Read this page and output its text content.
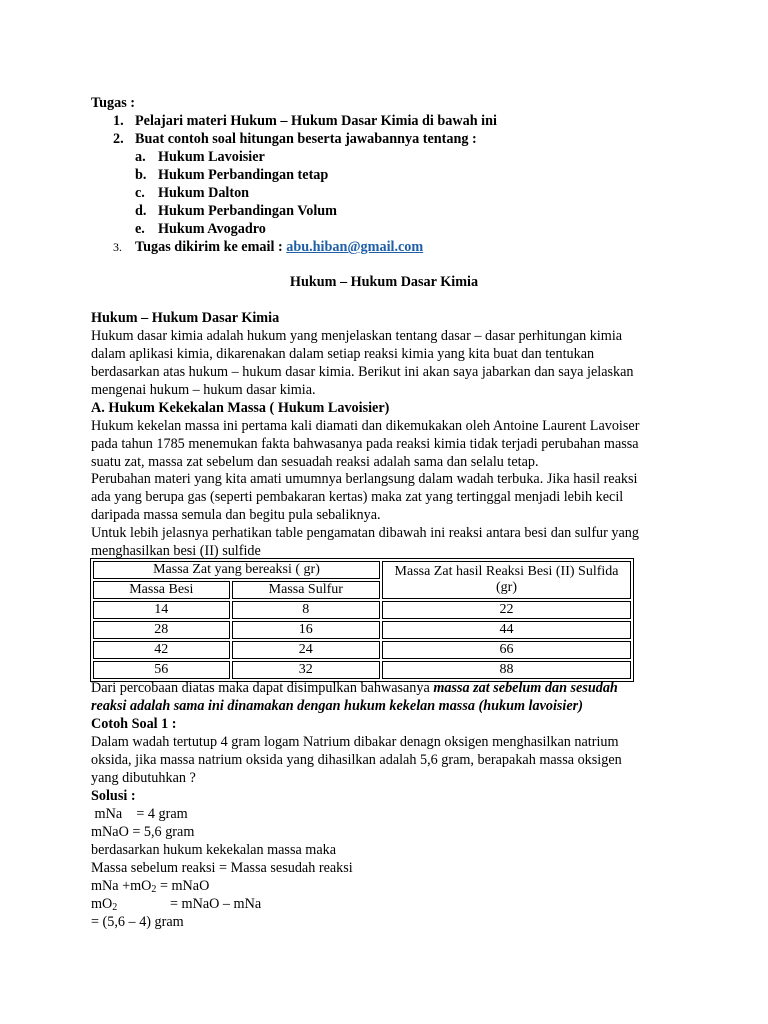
Tugas :
1. Pelajari materi Hukum – Hukum Dasar Kimia di bawah ini
2. Buat contoh soal hitungan beserta jawabannya tentang :
a. Hukum Lavoisier
b. Hukum Perbandingan tetap
c. Hukum Dalton
d. Hukum Perbandingan Volum
e. Hukum Avogadro
3. Tugas dikirim ke email : abu.hiban@gmail.com
Hukum – Hukum Dasar Kimia
Hukum – Hukum Dasar Kimia
Hukum dasar kimia adalah hukum yang menjelaskan tentang dasar – dasar perhitungan kimia
dalam aplikasi kimia, dikarenakan dalam setiap reaksi kimia yang kita buat dan tentukan
berdasarkan atas hukum – hukum dasar kimia. Berikut ini akan saya jabarkan dan saya jelaskan
mengenai hukum – hukum dasar kimia.
A. Hukum Kekekalan Massa ( Hukum Lavoisier)
Hukum kekelan massa ini pertama kali diamati dan dikemukakan oleh Antoine Laurent Lavoiser
pada tahun 1785 menemukan fakta bahwasanya pada reaksi kimia tidak terjadi perubahan massa
suatu zat, massa zat sebelum dan sesuadah reaksi adalah sama dan selalu tetap.
Perubahan materi yang kita amati umumnya berlangsung dalam wadah terbuka. Jika hasil reaksi
ada yang berupa gas (seperti pembakaran kertas) maka zat yang tertinggal menjadi lebih kecil
daripada massa semula dan begitu pula sebaliknya.
Untuk lebih jelasnya perhatikan table pengamatan dibawah ini reaksi antara besi dan sulfur yang
menghasilkan besi (II) sulfide
Massa Zat yang bereaksi ( gr)		Massa Zat hasil Reaksi Besi (II) Sulfida
(gr)

Massa Besi	Massa Sulfur	
14	8	22
28	16	44
42	24	66
56	32	88
Dari percobaan diatas maka dapat disimpulkan bahwasanya massa zat sebelum dan sesudah
reaksi adalah sama ini dinamakan dengan hukum kekelan massa (hukum lavoisier)
Cotoh Soal 1 :
Dalam wadah tertutup 4 gram logam Natrium dibakar denagn oksigen menghasilkan natrium
oksida, jika massa natrium oksida yang dihasilkan adalah 5,6 gram, berapakah massa oksigen
yang dibutuhkan ?
Solusi :
mNa    = 4 gram
mNaO = 5,6 gram
berdasarkan hukum kekekalan massa maka
Massa sebelum reaksi = Massa sesudah reaksi
mNa $+mO_2$ = mNaO
$mO_2$	= mNaO – mNa
= (5,6 – 4) gram
